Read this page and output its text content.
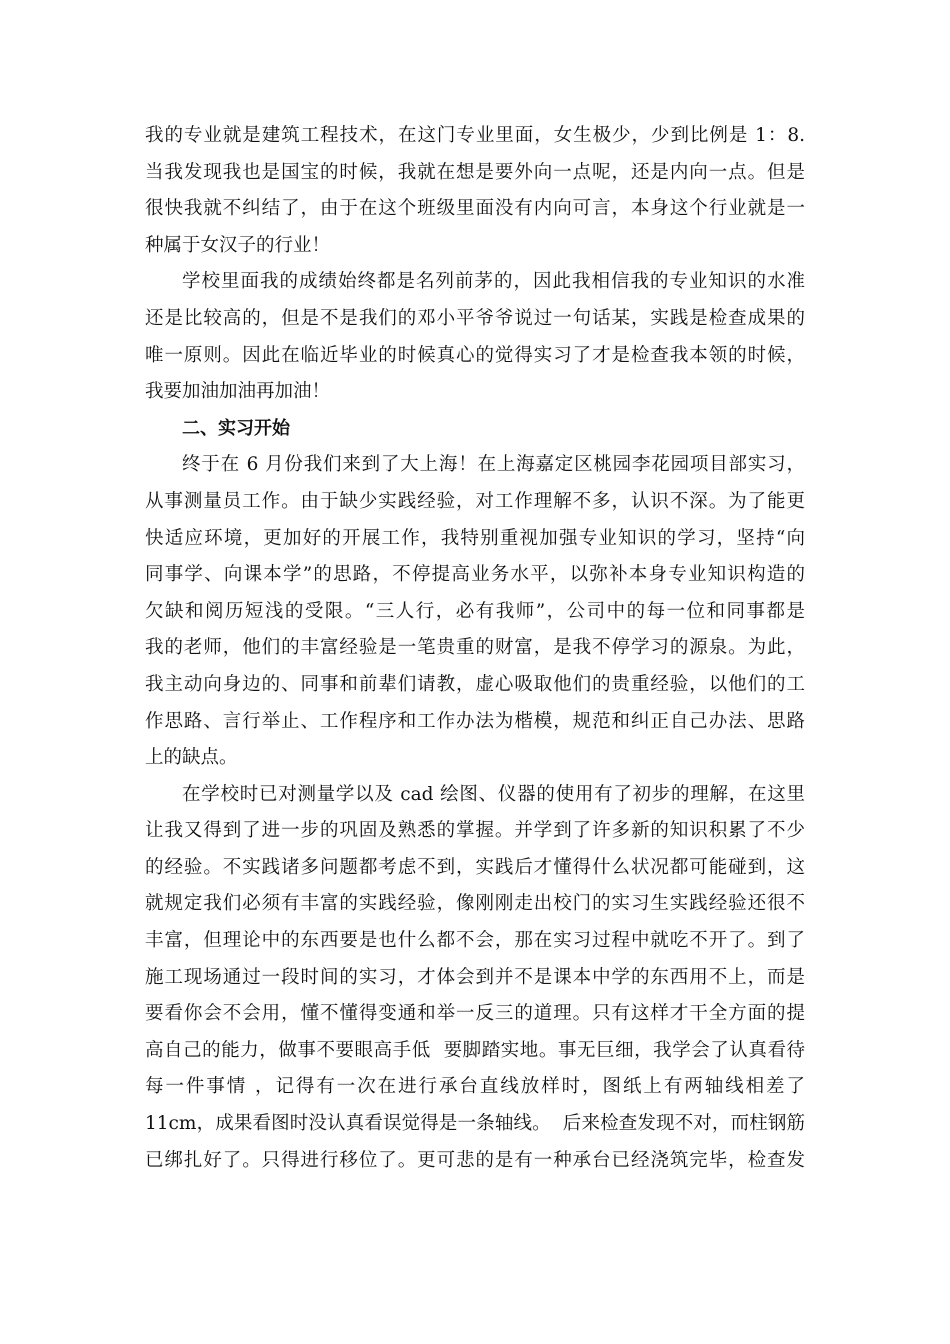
我的专业就是建筑工程技术，在这门专业里面，女生极少，少到比例是 1：8.
当我发现我也是国宝的时候，我就在想是要外向一点呢，还是内向一点。但是
很快我就不纠结了，由于在这个班级里面没有内向可言，本身这个行业就是一
种属于女汉子的行业！
学校里面我的成绩始终都是名列前茅的，因此我相信我的专业知识的水准
还是比较高的，但是不是我们的邓小平爷爷说过一句话某，实践是检查成果的
唯一原则。因此在临近毕业的时候真心的觉得实习了才是检查我本领的时候，
我要加油加油再加油！
二、实习开始
终于在 6 月份我们来到了大上海！在上海嘉定区桃园李花园项目部实习，
从事测量员工作。由于缺少实践经验，对工作理解不多，认识不深。为了能更
快适应环境，更加好的开展工作，我特别重视加强专业知识的学习，坚持“向
同事学、向课本学”的思路，不停提高业务水平，以弥补本身专业知识构造的
欠缺和阅历短浅的受限。“三人行，必有我师”，公司中的每一位和同事都是
我的老师，他们的丰富经验是一笔贵重的财富，是我不停学习的源泉。为此，
我主动向身边的、同事和前辈们请教，虚心吸取他们的贵重经验，以他们的工
作思路、言行举止、工作程序和工作办法为楷模，规范和纠正自己办法、思路
上的缺点。
在学校时已对测量学以及 cad 绘图、仪器的使用有了初步的理解，在这里
让我又得到了进一步的巩固及熟悉的掌握。并学到了许多新的知识积累了不少
的经验。不实践诸多问题都考虑不到，实践后才懂得什么状况都可能碰到，这
就规定我们必须有丰富的实践经验，像刚刚走出校门的实习生实践经验还很不
丰富，但理论中的东西要是也什么都不会，那在实习过程中就吃不开了。到了
施工现场通过一段时间的实习，才体会到并不是课本中学的东西用不上，而是
要看你会不会用，懂不懂得变通和举一反三的道理。只有这样才干全方面的提
高自己的能力，做事不要眼高手低  要脚踏实地。事无巨细，我学会了认真看待
每一件事情 ，记得有一次在进行承台直线放样时，图纸上有两轴线相差了
11cm，成果看图时没认真看误觉得是一条轴线。  后来检查发现不对，而柱钢筋
已绑扎好了。只得进行移位了。更可悲的是有一种承台已经浇筑完毕，检查发
